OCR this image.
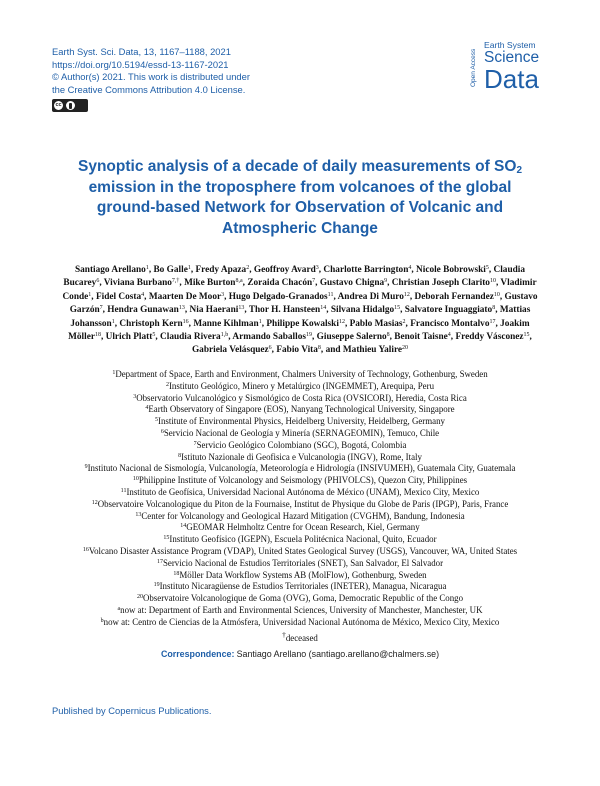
Earth Syst. Sci. Data, 13, 1167–1188, 2021
https://doi.org/10.5194/essd-13-1167-2021
© Author(s) 2021. This work is distributed under
the Creative Commons Attribution 4.0 License.
cc
Open Access
Earth System
Science
Data
Synoptic analysis of a decade of daily measurements of $SO_2$ emission in the troposphere from volcanoes of the global ground-based Network for Observation of Volcanic and Atmospheric Change
Santiago Arellano$^1$, Bo Galle$^1$, Fredy Apaza$^2$, Geoffroy Avard$^3$, Charlotte Barrington$^4$, Nicole Bobrowski$^5$, Claudia Bucarey$^6$, Viviana Burbano$^{7,\dagger}$, Mike Burton$^{8,a}$, Zoraida Chacón$^7$, Gustavo Chigna$^9$, Christian Joseph Clarito$^{10}$, Vladimir Conde$^1$, Fidel Costa$^4$, Maarten De Moor$^3$, Hugo Delgado-Granados$^{11}$, Andrea Di Muro$^{12}$, Deborah Fernandez$^{10}$, Gustavo Garzón$^7$, Hendra Gunawan$^{13}$, Nia Haerani$^{13}$, Thor H. Hansteen$^{14}$, Silvana Hidalgo$^{15}$, Salvatore Inguaggiato$^8$, Mattias Johansson$^1$, Christoph Kern$^{16}$, Manne Kihlman$^1$, Philippe Kowalski$^{12}$, Pablo Masias$^2$, Francisco Montalvo$^{17}$, Joakim Möller$^{18}$, Ulrich Platt$^5$, Claudia Rivera$^{1,b}$, Armando Saballos$^{19}$, Giuseppe Salerno$^8$, Benoit Taisne$^4$, Freddy Vásconez$^{15}$, Gabriela Velásquez$^6$, Fabio Vita$^8$, and Mathieu Yalire$^{20}$
$^1$Department of Space, Earth and Environment, Chalmers University of Technology, Gothenburg, Sweden
$^2$Instituto Geológico, Minero y Metalúrgico (INGEMMET), Arequipa, Peru
$^3$Observatorio Vulcanológico y Sismológico de Costa Rica (OVSICORI), Heredia, Costa Rica
$^4$Earth Observatory of Singapore (EOS), Nanyang Technological University, Singapore
$^5$Institute of Environmental Physics, Heidelberg University, Heidelberg, Germany
$^6$Servicio Nacional de Geología y Minería (SERNAGEOMIN), Temuco, Chile
$^7$Servicio Geológico Colombiano (SGC), Bogotá, Colombia
$^8$Istituto Nazionale di Geofisica e Vulcanologia (INGV), Rome, Italy
$^9$Instituto Nacional de Sismología, Vulcanología, Meteorología e Hidrología (INSIVUMEH), Guatemala City, Guatemala
$^{10}$Philippine Institute of Volcanology and Seismology (PHIVOLCS), Quezon City, Philippines
$^{11}$Instituto de Geofísica, Universidad Nacional Autónoma de México (UNAM), Mexico City, Mexico
$^{12}$Observatoire Volcanologique du Piton de la Fournaise, Institut de Physique du Globe de Paris (IPGP), Paris, France
$^{13}$Center for Volcanology and Geological Hazard Mitigation (CVGHM), Bandung, Indonesia
$^{14}$GEOMAR Helmholtz Centre for Ocean Research, Kiel, Germany
$^{15}$Instituto Geofísico (IGEPN), Escuela Politécnica Nacional, Quito, Ecuador
$^{16}$Volcano Disaster Assistance Program (VDAP), United States Geological Survey (USGS), Vancouver, WA, United States
$^{17}$Servicio Nacional de Estudios Territoriales (SNET), San Salvador, El Salvador
$^{18}$Möller Data Workflow Systems AB (MolFlow), Gothenburg, Sweden
$^{19}$Instituto Nicaragüense de Estudios Territoriales (INETER), Managua, Nicaragua
$^{20}$Observatoire Volcanologique de Goma (OVG), Goma, Democratic Republic of the Congo
$^a$now at: Department of Earth and Environmental Sciences, University of Manchester, Manchester, UK
$^b$now at: Centro de Ciencias de la Atmósfera, Universidad Nacional Autónoma de México, Mexico City, Mexico
†deceased
Correspondence: Santiago Arellano (santiago.arellano@chalmers.se)
Published by Copernicus Publications.
